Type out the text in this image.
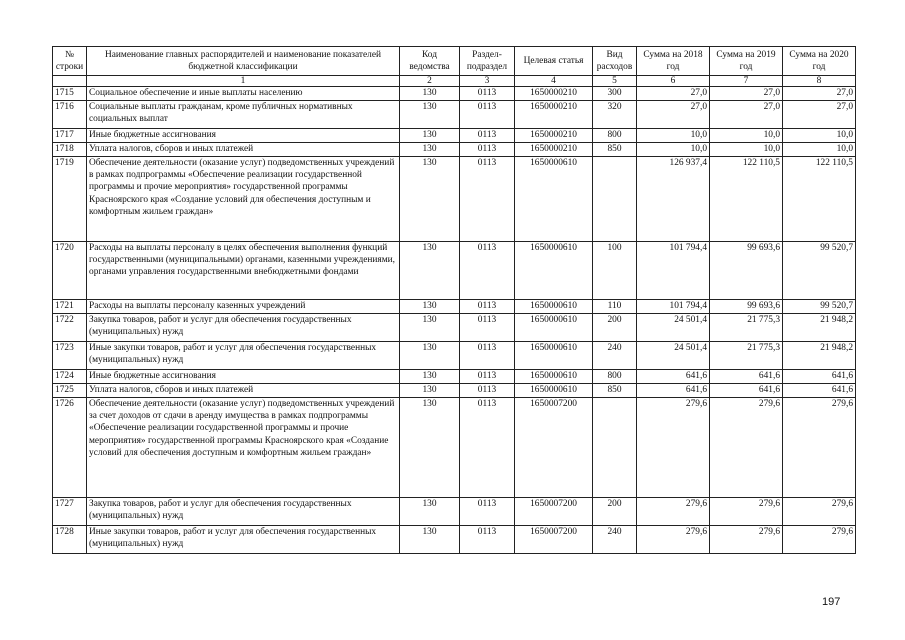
№ строки	Наименование главных распорядителей и наименование показателей бюджетной классификации	Код ведомства	Раздел-подраздел	Целевая статья	Вид расходов	Сумма на 2018 год	Сумма на 2019 год	Сумма на 2020 год
	1	2	3	4	5	6	7	8
1715	Социальное обеспечение и иные выплаты населению	130	0113	1650000210	300	27,0	27,0	27,0
1716	Социальные выплаты гражданам, кроме публичных нормативных социальных выплат	130	0113	1650000210	320	27,0	27,0	27,0
1717	Иные бюджетные ассигнования	130	0113	1650000210	800	10,0	10,0	10,0
1718	Уплата налогов, сборов и иных платежей	130	0113	1650000210	850	10,0	10,0	10,0
1719	Обеспечение деятельности (оказание услуг) подведомственных учреждений в рамках подпрограммы «Обеспечение реализации государственной программы и прочие мероприятия» государственной программы Красноярского края «Создание условий для обеспечения доступным и комфортным жильем граждан»	130	0113	1650000610		126 937,4	122 110,5	122 110,5
1720	Расходы на выплаты персоналу в целях обеспечения выполнения функций государственными (муниципальными) органами, казенными учреждениями, органами управления государственными внебюджетными фондами	130	0113	1650000610	100	101 794,4	99 693,6	99 520,7
1721	Расходы на выплаты персоналу казенных учреждений	130	0113	1650000610	110	101 794,4	99 693,6	99 520,7
1722	Закупка товаров, работ и услуг для обеспечения государственных (муниципальных) нужд	130	0113	1650000610	200	24 501,4	21 775,3	21 948,2
1723	Иные закупки товаров, работ и услуг для обеспечения государственных (муниципальных) нужд	130	0113	1650000610	240	24 501,4	21 775,3	21 948,2
1724	Иные бюджетные ассигнования	130	0113	1650000610	800	641,6	641,6	641,6
1725	Уплата налогов, сборов и иных платежей	130	0113	1650000610	850	641,6	641,6	641,6
1726	Обеспечение деятельности (оказание услуг) подведомственных учреждений за счет доходов от сдачи в аренду имущества в рамках подпрограммы «Обеспечение реализации государственной программы и прочие мероприятия» государственной программы Красноярского края «Создание условий для обеспечения доступным и комфортным жильем граждан»	130	0113	1650007200		279,6	279,6	279,6
1727	Закупка товаров, работ и услуг для обеспечения государственных (муниципальных) нужд	130	0113	1650007200	200	279,6	279,6	279,6
1728	Иные закупки товаров, работ и услуг для обеспечения государственных (муниципальных) нужд	130	0113	1650007200	240	279,6	279,6	279,6
197
